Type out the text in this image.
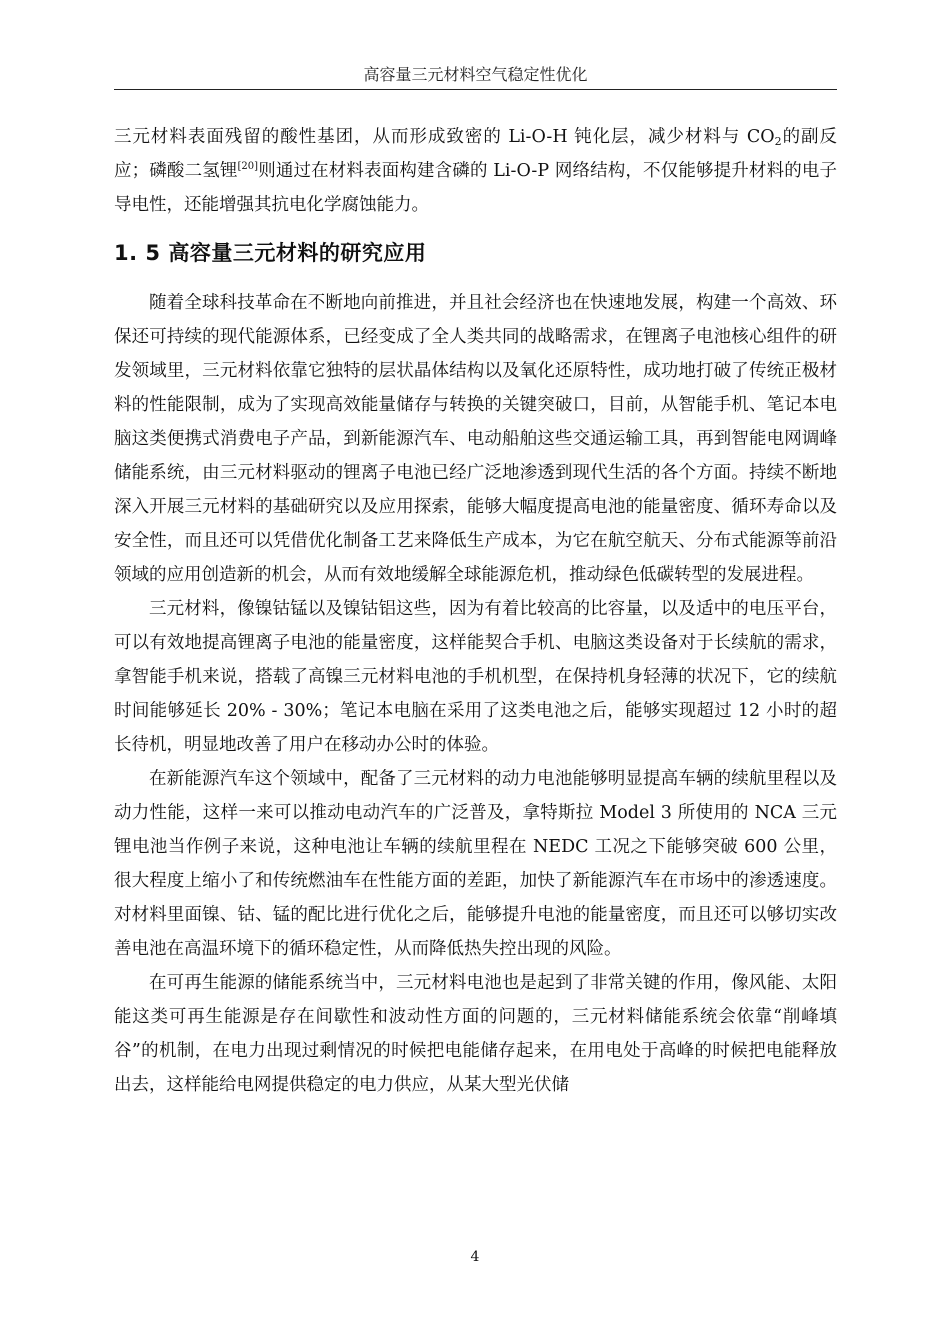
高容量三元材料空气稳定性优化

三元材料表面残留的酸性基团，从而形成致密的 Li-O-H 钝化层，减少材料与 $CO_2$的副反应；磷酸二氢锂[20]则通过在材料表面构建含磷的 Li-O-P 网络结构，不仅能够提升材料的电子导电性，还能增强其抗电化学腐蚀能力。

1. 5 高容量三元材料的研究应用

随着全球科技革命在不断地向前推进，并且社会经济也在快速地发展，构建一个高效、环保还可持续的现代能源体系，已经变成了全人类共同的战略需求，在锂离子电池核心组件的研发领域里，三元材料依靠它独特的层状晶体结构以及氧化还原特性，成功地打破了传统正极材料的性能限制，成为了实现高效能量储存与转换的关键突破口，目前，从智能手机、笔记本电脑这类便携式消费电子产品，到新能源汽车、电动船舶这些交通运输工具，再到智能电网调峰储能系统，由三元材料驱动的锂离子电池已经广泛地渗透到现代生活的各个方面。持续不断地深入开展三元材料的基础研究以及应用探索，能够大幅度提高电池的能量密度、循环寿命以及安全性，而且还可以凭借优化制备工艺来降低生产成本，为它在航空航天、分布式能源等前沿领域的应用创造新的机会，从而有效地缓解全球能源危机，推动绿色低碳转型的发展进程。

三元材料，像镍钴锰以及镍钴铝这些，因为有着比较高的比容量，以及适中的电压平台，可以有效地提高锂离子电池的能量密度，这样能契合手机、电脑这类设备对于长续航的需求，拿智能手机来说，搭载了高镍三元材料电池的手机机型，在保持机身轻薄的状况下，它的续航时间能够延长 20% - 30%；笔记本电脑在采用了这类电池之后，能够实现超过 12 小时的超长待机，明显地改善了用户在移动办公时的体验。

在新能源汽车这个领域中，配备了三元材料的动力电池能够明显提高车辆的续航里程以及动力性能，这样一来可以推动电动汽车的广泛普及，拿特斯拉 Model 3 所使用的 NCA 三元锂电池当作例子来说，这种电池让车辆的续航里程在 NEDC 工况之下能够突破 600 公里，很大程度上缩小了和传统燃油车在性能方面的差距，加快了新能源汽车在市场中的渗透速度。对材料里面镍、钴、锰的配比进行优化之后，能够提升电池的能量密度，而且还可以够切实改善电池在高温环境下的循环稳定性，从而降低热失控出现的风险。

在可再生能源的储能系统当中，三元材料电池也是起到了非常关键的作用，像风能、太阳能这类可再生能源是存在间歇性和波动性方面的问题的，三元材料储能系统会依靠“削峰填谷”的机制，在电力出现过剩情况的时候把电能储存起来，在用电处于高峰的时候把电能释放出去，这样能给电网提供稳定的电力供应，从某大型光伏储

4
